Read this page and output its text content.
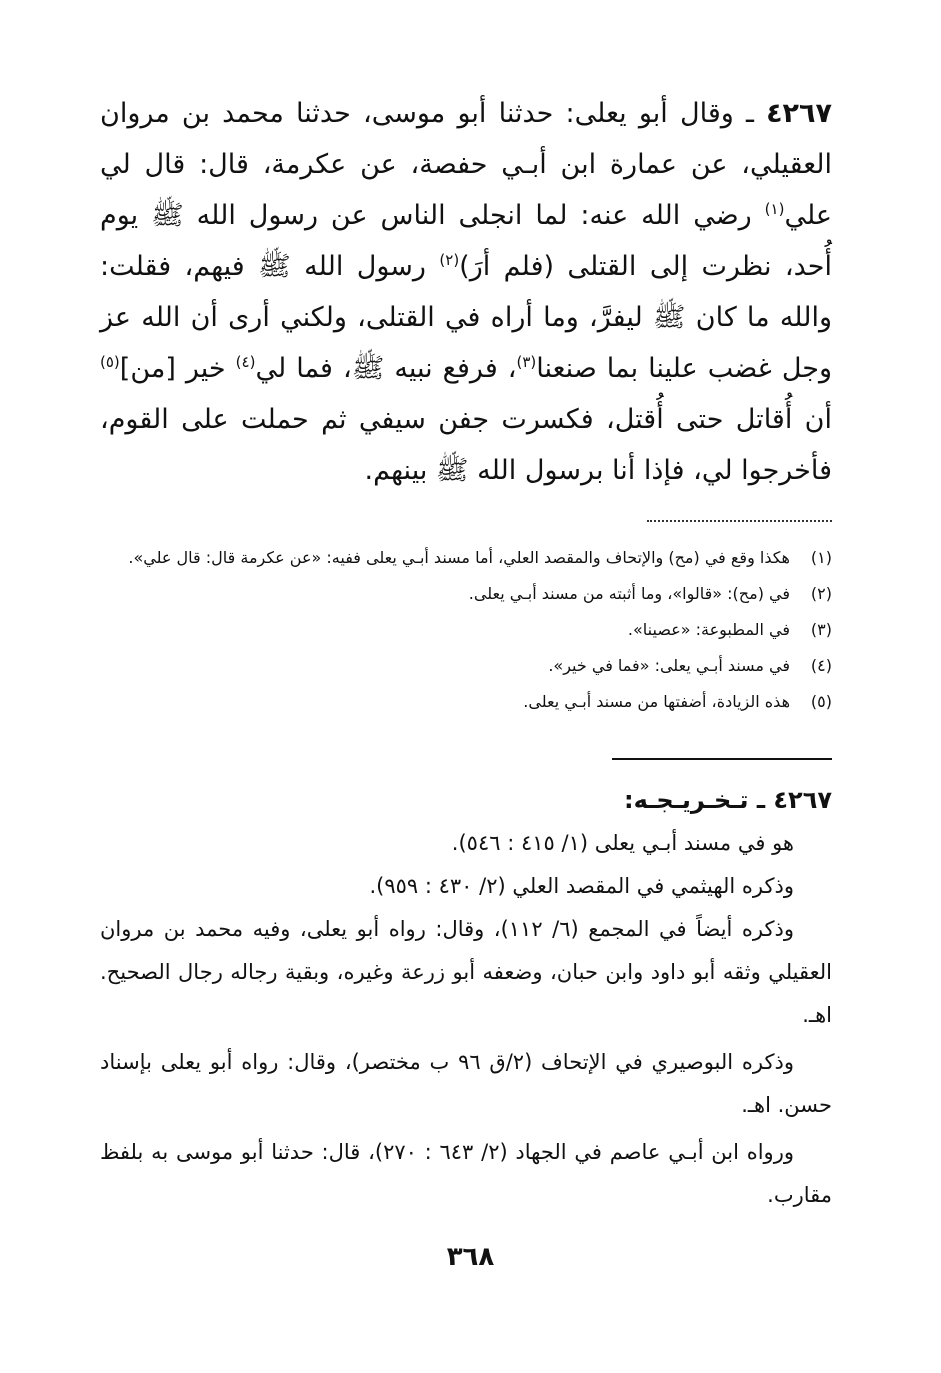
٤٢٦٧ ـ وقال أبو يعلى: حدثنا أبو موسى، حدثنا محمد بن مروان العقيلي، عن عمارة ابن أبـي حفصة، عن عكرمة، قال: قال لي علي$^{(١)}$ رضي الله عنه: لما انجلى الناس عن رسول الله ﷺ يوم أُحد، نظرت إلى القتلى (فلم أرَ)$^{(٢)}$ رسول الله ﷺ فيهم، فقلت: والله ما كان ﷺ ليفرَّ، وما أراه في القتلى، ولكني أرى أن الله عز وجل غضب علينا بما صنعنا$^{(٣)}$، فرفع نبيه ﷺ، فما لي$^{(٤)}$ خير [من]$^{(٥)}$ أن أُقاتل حتى أُقتل، فكسرت جفن سيفي ثم حملت على القوم، فأخرجوا لي، فإذا أنا برسول الله ﷺ بينهم.

(١)هكذا وقع في (مح) والإتحاف والمقصد العلي، أما مسند أبـي يعلى ففيه: «عن عكرمة قال: قال علي».

(٢)في (مح): «قالوا»، وما أثبته من مسند أبـي يعلى.

(٣)في المطبوعة: «عصينا».

(٤)في مسند أبـي يعلى: «فما في خير».

(٥)هذه الزيادة، أضفتها من مسند أبـي يعلى.

٤٢٦٧ ـ تـخـريـجـه:

هو في مسند أبـي يعلى (١/ ٤١٥ : ٥٤٦).

وذكره الهيثمي في المقصد العلي (٢/ ٤٣٠ : ٩٥٩).

وذكره أيضاً في المجمع (٦/ ١١٢)، وقال: رواه أبو يعلى، وفيه محمد بن مروان العقيلي وثقه أبو داود وابن حبان، وضعفه أبو زرعة وغيره، وبقية رجاله رجال الصحيح. اهـ.

وذكره البوصيري في الإتحاف (٢/ق ٩٦ ب مختصر)، وقال: رواه أبو يعلى بإسناد حسن. اهـ.

ورواه ابن أبـي عاصم في الجهاد (٢/ ٦٤٣ : ٢٧٠)، قال: حدثنا أبو موسى به بلفظ مقارب.

٣٦٨
